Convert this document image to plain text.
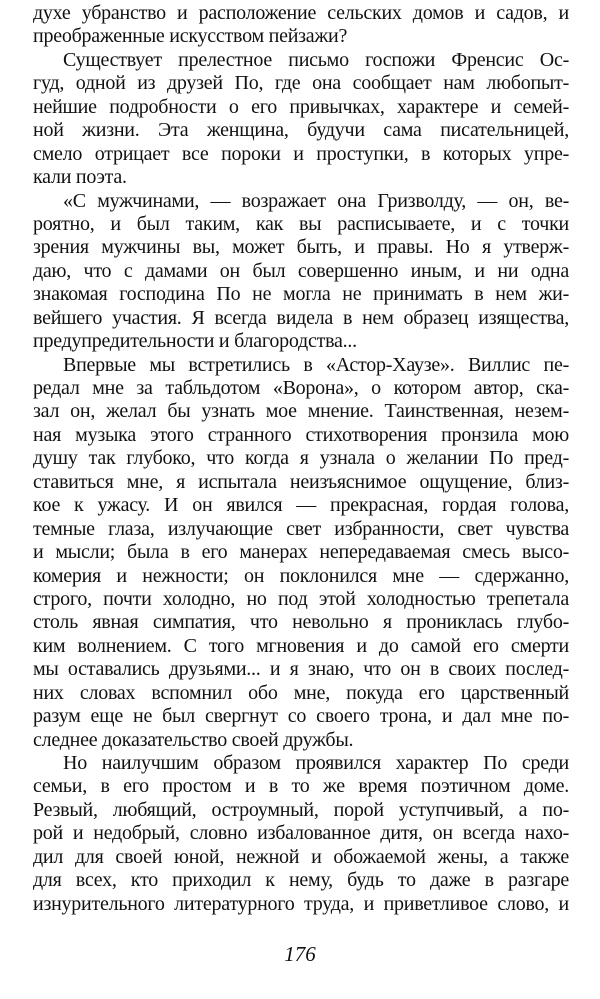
духе убранство и расположение сельских домов и садов, и
преображенные искусством пейзажи?
Существует прелестное письмо госпожи Френсис Ос-
гуд, одной из друзей По, где она сообщает нам любопыт-
нейшие подробности о его привычках, характере и семей-
ной жизни. Эта женщина, будучи сама писательницей,
смело отрицает все пороки и проступки, в которых упре-
кали поэта.
«С мужчинами, — возражает она Гризволду, — он, ве-
роятно, и был таким, как вы расписываете, и с точки
зрения мужчины вы, может быть, и правы. Но я утверж-
даю, что с дамами он был совершенно иным, и ни одна
знакомая господина По не могла не принимать в нем жи-
вейшего участия. Я всегда видела в нем образец изящества,
предупредительности и благородства...
Впервые мы встретились в «Астор-Хаузе». Виллис пе-
редал мне за табльдотом «Ворона», о котором автор, ска-
зал он, желал бы узнать мое мнение. Таинственная, незем-
ная музыка этого странного стихотворения пронзила мою
душу так глубоко, что когда я узнала о желании По пред-
ставиться мне, я испытала неизъяснимое ощущение, близ-
кое к ужасу. И он явился — прекрасная, гордая голова,
темные глаза, излучающие свет избранности, свет чувства
и мысли; была в его манерах непередаваемая смесь высо-
комерия и нежности; он поклонился мне — сдержанно,
строго, почти холодно, но под этой холодностью трепетала
столь явная симпатия, что невольно я прониклась глубо-
ким волнением. С того мгновения и до самой его смерти
мы оставались друзьями... и я знаю, что он в своих послед-
них словах вспомнил обо мне, покуда его царственный
разум еще не был свергнут со своего трона, и дал мне по-
следнее доказательство своей дружбы.
Но наилучшим образом проявился характер По среди
семьи, в его простом и в то же время поэтичном доме.
Резвый, любящий, остроумный, порой уступчивый, а по-
рой и недобрый, словно избалованное дитя, он всегда нахо-
дил для своей юной, нежной и обожаемой жены, а также
для всех, кто приходил к нему, будь то даже в разгаре
изнурительного литературного труда, и приветливое слово, и
176
